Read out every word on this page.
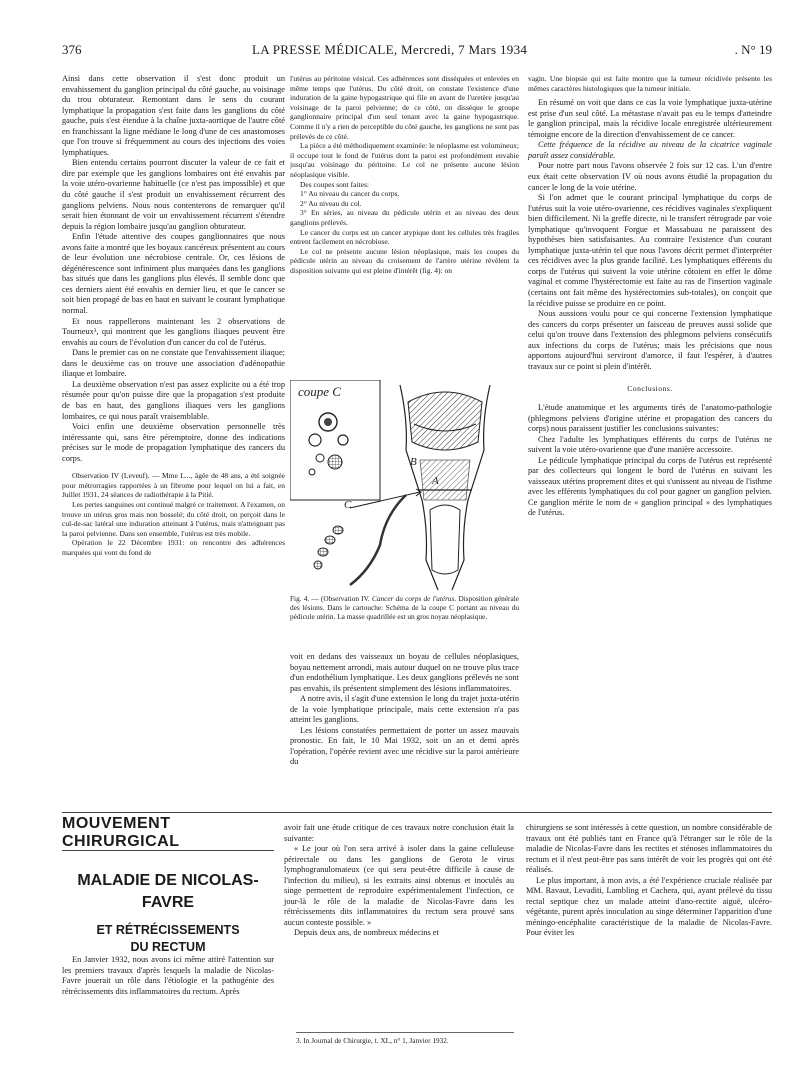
376	LA PRESSE MÉDICALE, Mercredi, 7 Mars 1934	. N° 19

Ainsi dans cette observation il s'est donc produit un envahissement du ganglion principal du côté gauche, au voisinage du trou obturateur. Remontant dans le sens du courant lymphatique la propagation s'est faite dans les ganglions du côté gauche, puis s'est étendue à la chaîne juxta-aortique de l'autre côté en franchissant la ligne médiane le long d'une de ces anastomoses que l'on trouve si fréquemment au cours des injections des voies lymphatiques.

Bien entendu certains pourront discuter la valeur de ce fait et dire par exemple que les ganglions lombaires ont été envahis par la voie utéro-ovarienne habituelle (ce n'est pas impossible) et que du côté gauche il s'est produit un envahissement récurrent des ganglions pelviens. Nous nous contenterons de remarquer qu'il serait bien étonnant de voir un envahissement récurrent s'étendre depuis la région lombaire jusqu'au ganglion obturateur.

Enfin l'étude attentive des coupes ganglionnaires que nous avons faite a montré que les boyaux cancéreux présentent au cours de leur évolution une nécrobiose centrale. Or, ces lésions de dégénérescence sont infiniment plus marquées dans les ganglions bas situés que dans les ganglions plus élevés. Il semble donc que ces derniers aient été envahis en dernier lieu, et que le cancer se soit bien propagé de bas en haut en suivant le courant lymphatique normal.

Et nous rappellerons maintenant les 2 observations de Tourneux³, qui montrent que les ganglions iliaques peuvent être envahis au cours de l'évolution d'un cancer du col de l'utérus.

Dans le premier cas on ne constate que l'envahissement iliaque; dans le deuxième cas on trouve une association d'adénopathie iliaque et lombaire.

La deuxième observation n'est pas assez explicite ou a été trop résumée pour qu'on puisse dire que la propagation s'est produite de bas en haut, des ganglions iliaques vers les ganglions lombaires, ce qui nous paraît vraisemblable.

Voici enfin une deuxième observation personnelle très intéressante qui, sans être péremptoire, donne des indications précises sur le mode de propagation lymphatique des cancers du corps.

Observation IV (Leveuf). — Mme L..., âgée de 48 ans, a été soignée pour métrorragies rapportées à un fibrome pour lequel on lui a fait, en Juillet 1931, 24 séances de radiothérapie à la Pitié.

Les pertes sanguines ont continué malgré ce traitement. A l'examen, on trouve un utérus gros mais non bosselé; du côté droit, on perçoit dans le cul-de-sac latéral une induration atteinant à l'utérus, mais n'atteignant pas la paroi pelvienne. Dans son ensemble, l'utérus est très mobile.

Opération le 22 Décembre 1931: on rencontre des adhérences marquées qui vont du fond de

l'utérus au péritoine vésical. Ces adhérences sont disséquées et enlevées en même temps que l'utérus. Du côté droit, on constate l'existence d'une induration de la gaine hypogastrique qui file en avant de l'uretère jusqu'au voisinage de la paroi pelvienne; de ce côté, on dissèque le groupe ganglionnaire principal d'un seul tenant avec la gaine hypogastrique. Comme il n'y a rien de perceptible du côté gauche, les ganglions ne sont pas prélevés de ce côté.

La pièce a été méthodiquement examinée: le néoplasme est volumineux; il occupe tout le fond de l'utérus dont la paroi est profondément envahie jusqu'au voisinage du péritoine. Le col ne présente aucune lésion néoplasique visible.

Des coupes sont faites:

1° Au niveau du cancer du corps.

2° Au niveau du col.

3° En séries, au niveau du pédicule utérin et au niveau des deux ganglions prélevés.

Le cancer du corps est un cancer atypique dont les cellules très fragiles entrent facilement en nécrobiose.

Le col ne présente aucune lésion néoplasique, mais les coupes du pédicule utérin au niveau du croisement de l'artère utérine révèlent la disposition suivante qui est pleine d'intérêt (fig. 4): on

coupe C
B
A
C
Fig. 4. — (Observation IV. Cancer du corps de l'utérus. Disposition générale des lésions. Dans le cartouche: Schéma de la coupe C portant au niveau du pédicule utérin. La masse quadrillée est un gros noyau néoplasique.

voit en dedans des vaisseaux un boyau de cellules néoplasiques, boyau nettement arrondi, mais autour duquel on ne trouve plus trace d'un endothélium lymphatique. Les deux ganglions prélevés ne sont pas envahis, ils présentent simplement des lésions inflammatoires.

A notre avis, il s'agit d'une extension le long du trajet juxta-utérin de la voie lymphatique principale, mais cette extension n'a pas atteint les ganglions.

Les lésions constatées permettaient de porter un assez mauvais pronostic. En fait, le 10 Mai 1932, soit un an et demi après l'opération, l'opérée revient avec une récidive sur la paroi antérieure du

vagin. Une biopsie qui est faite montre que la tumeur récidivée présente les mêmes caractères histologiques que la tumeur initiale.

En résumé on voit que dans ce cas la voie lymphatique juxta-utérine est prise d'un seul côté. La métastase n'avait pas eu le temps d'atteindre le ganglion principal, mais la récidive locale enregistrée ultérieurement témoigne encore de la direction d'envahissement de ce cancer.

Cette fréquence de la récidive au niveau de la cicatrice vaginale paraît assez considérable.

Pour notre part nous l'avons observée 2 fois sur 12 cas. L'un d'entre eux était cette observation IV où nous avons étudié la propagation du cancer le long de la voie utérine.

Si l'on admet que le courant principal lymphatique du corps de l'utérus suit la voie utéro-ovarienne, ces récidives vaginales s'expliquent bien difficilement. Ni la greffe directe, ni le transfert rétrograde par voie lymphatique qu'invoquent Forgue et Massabuau ne paraissent des hypothèses bien satisfaisantes. Au contraire l'existence d'un courant lymphatique juxta-utérin tel que nous l'avons décrit permet d'interpréter ces récidives avec la plus grande facilité. Les lymphatiques efférents du corps de l'utérus qui suivent la voie utérine côtoient en effet le dôme vaginal et comme l'hystérectomie est faite au ras de l'insertion vaginale (certains ont fait même des hystérectomies sub-totales), on conçoit que la récidive puisse se produire en ce point.

Nous aussions voulu pour ce qui concerne l'extension lymphatique des cancers du corps présenter un faisceau de preuves aussi solide que celui qu'on trouve dans l'extension des phlegmons pelviens consécutifs aux infections du corps de l'utérus; mais les précisions que nous apportons aujourd'hui serviront d'amorce, il faut l'espérer, à d'autres travaux sur ce point si plein d'intérêt.

Conclusions.

L'étude anatomique et les arguments tirés de l'anatomo-pathologie (phlegmons pelviens d'origine utérine et propagation des cancers du corps) nous paraissent justifier les conclusions suivantes:

Chez l'adulte les lymphatiques efférents du corps de l'utérus ne suivent la voie utéro-ovarienne que d'une manière accessoire.

Le pédicule lymphatique principal du corps de l'utérus est représenté par des collecteurs qui longent le bord de l'utérus en suivant les vaisseaux utérins proprement dites et qui s'unissent au niveau de l'isthme avec les efférents lymphatiques du col pour gagner un ganglion pelvien. Ce ganglion mérite le nom de « ganglion principal » des lymphatiques de l'utérus.

MOUVEMENT CHIRURGICAL
MALADIE DE NICOLAS-FAVRE
ET RÉTRÉCISSEMENTS
DU RECTUM

En Janvier 1932, nous avons ici même attiré l'attention sur les premiers travaux d'après lesquels la maladie de Nicolas-Favre jouerait un rôle dans l'étiologie et la pathogénie des rétrécissements dits inflammatoires du rectum. Après

avoir fait une étude critique de ces travaux notre conclusion était la suivante:

« Le jour où l'on sera arrivé à isoler dans la gaine celluleuse périrectale ou dans les ganglions de Gerota le virus lymphogranulomateux (ce qui sera peut-être difficile à cause de l'infection du milieu), si les extraits ainsi obtenus et inoculés au singe permettent de reproduire expérimentalement l'infection, ce jour-là le rôle de la maladie de Nicolas-Favre dans les rétrécissements dits inflammatoires du rectum sera prouvé sans aucun conteste possible. »

Depuis deux ans, de nombreux médecins et

3. In Journal de Chirurgie, t. XL, n° 1, Janvier 1932.

chirurgiens se sont intéressés à cette question, un nombre considérable de travaux ont été publiés tant en France qu'à l'étranger sur le rôle de la maladie de Nicolas-Favre dans les rectites et sténoses inflammatoires du rectum et il n'est peut-être pas sans intérêt de voir les progrès qui ont été réalisés.

Le plus important, à mon avis, a été l'expérience cruciale réalisée par MM. Ravaut, Levaditi, Lambling et Cachera, qui, ayant prélevé du tissu rectal septique chez un malade atteint d'ano-rectite aiguë, ulcéro-végétante, purent après inoculation au singe déterminer l'apparition d'une méningo-encéphalite caractéristique de la maladie de Nicolas-Favre. Pour éviter les
